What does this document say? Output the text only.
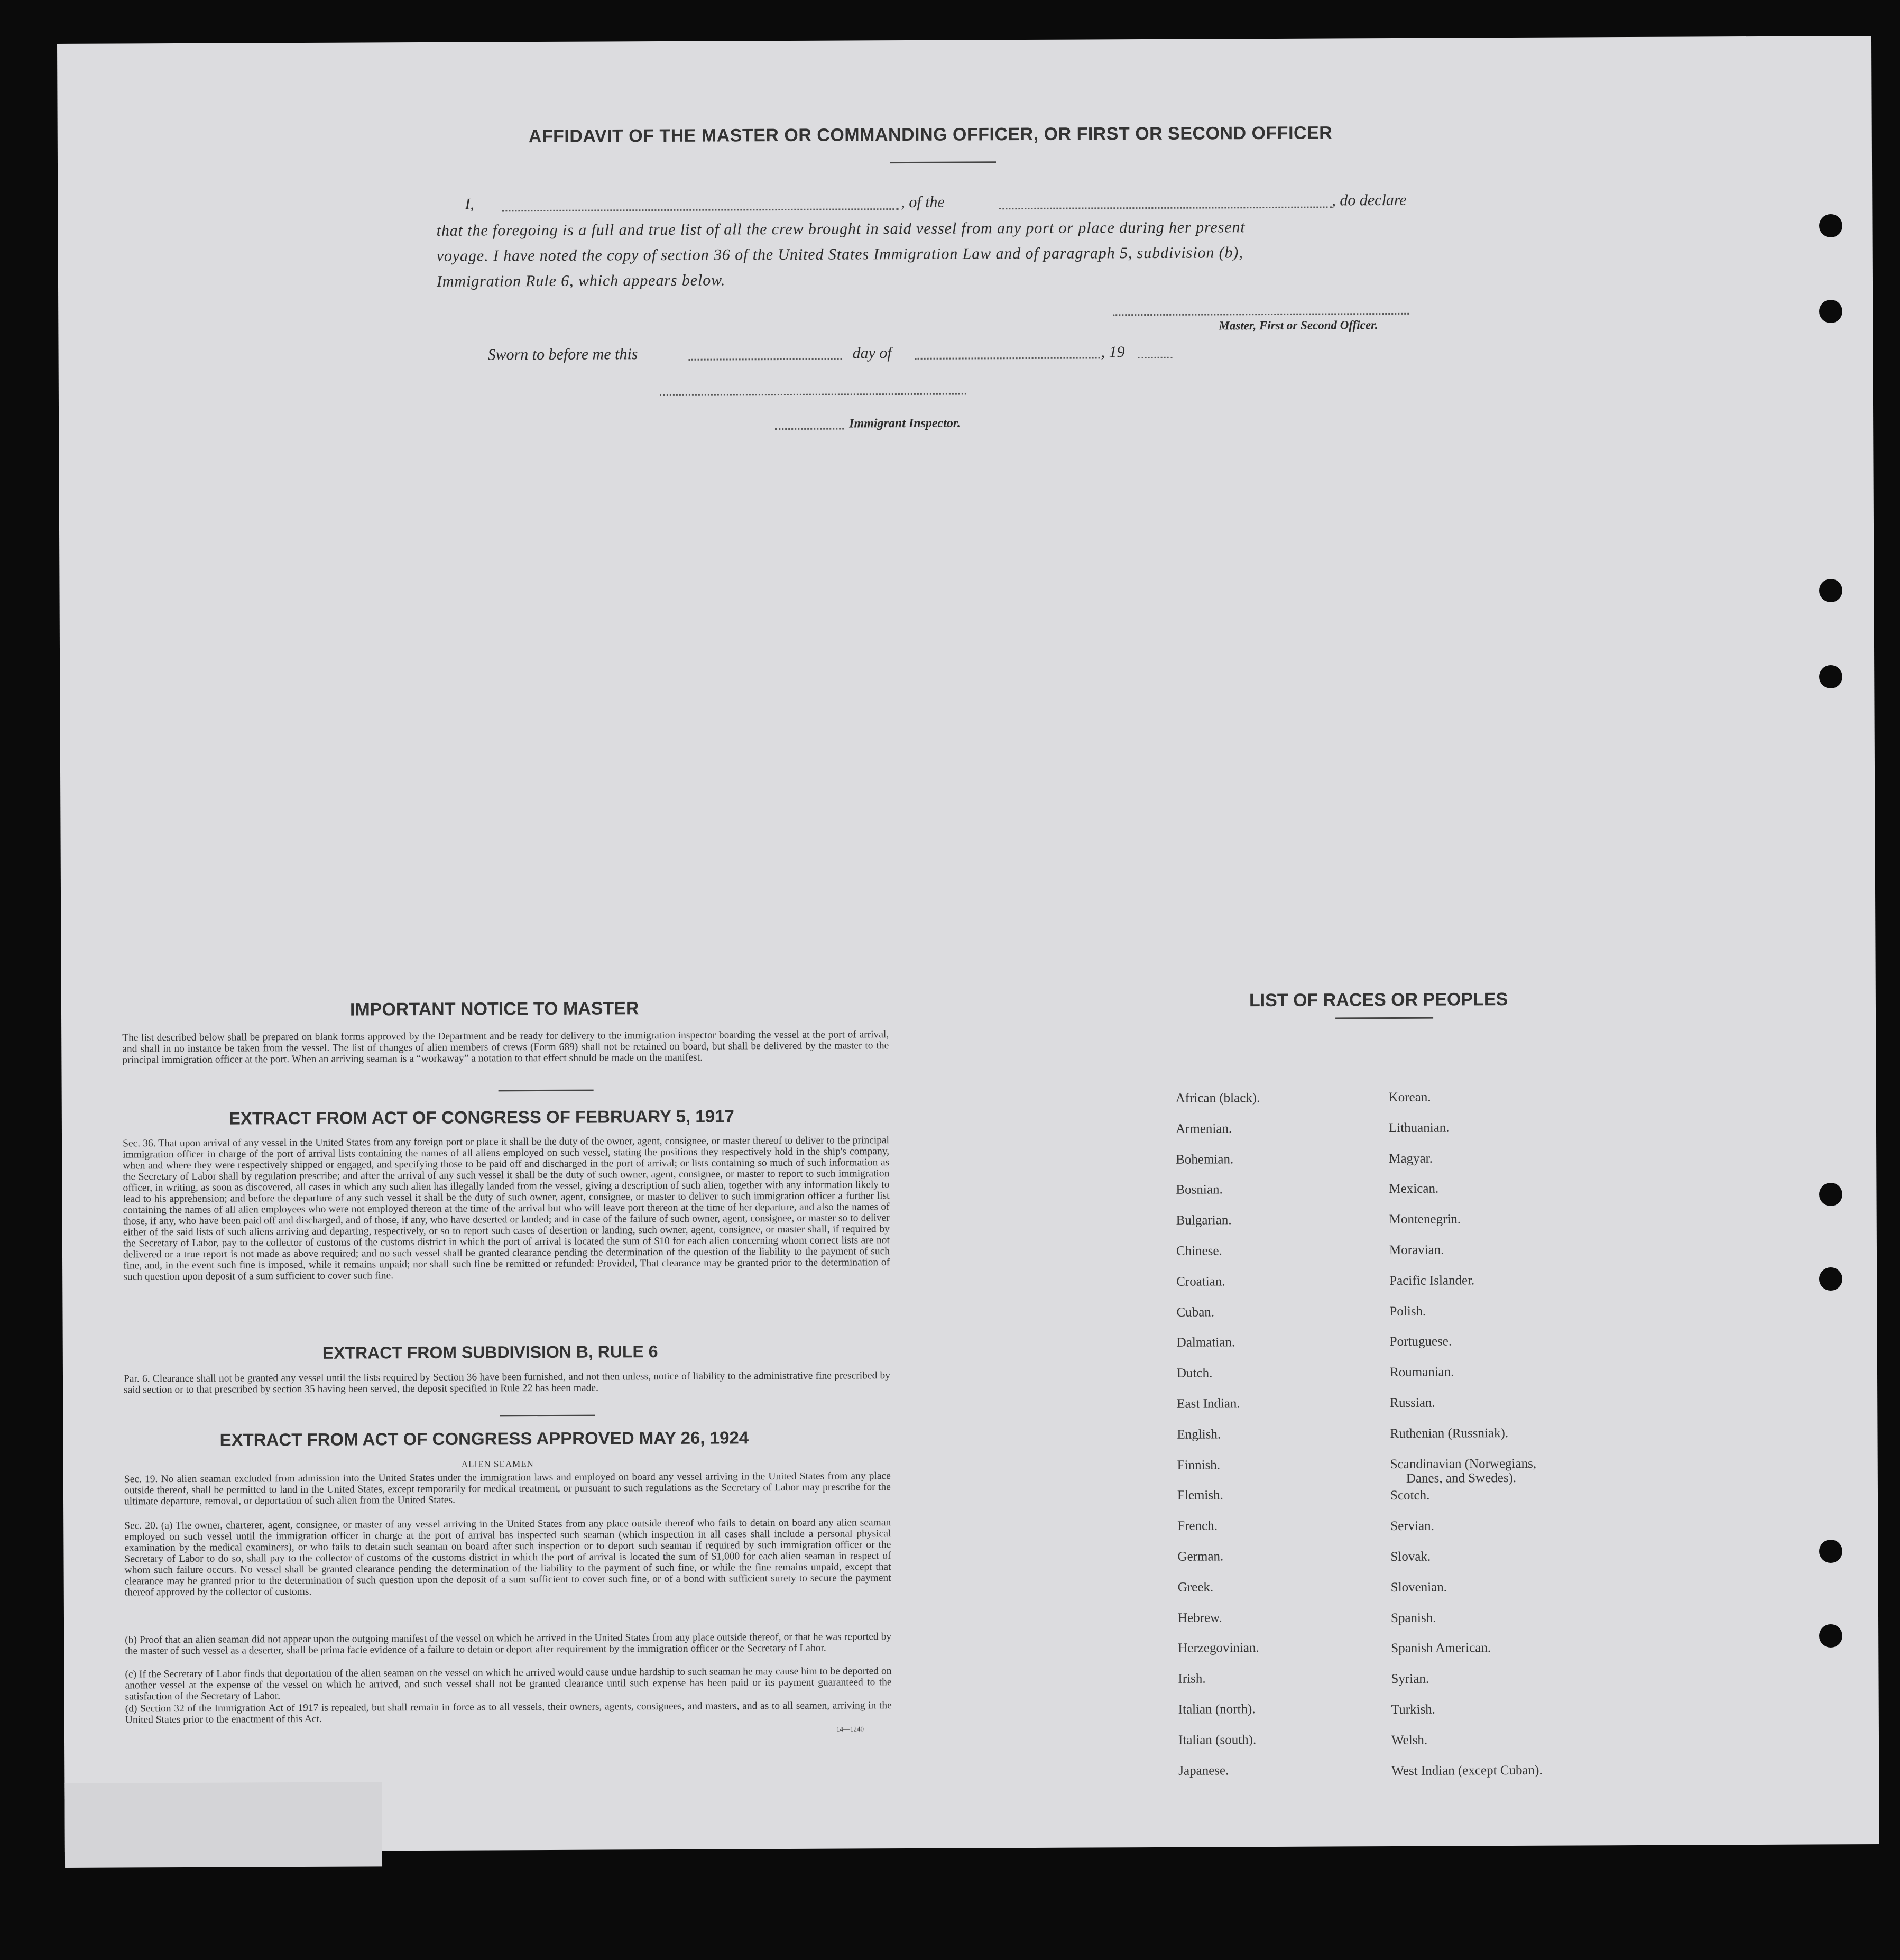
AFFIDAVIT OF THE MASTER OR COMMANDING OFFICER, OR FIRST OR SECOND OFFICER
I,	, of the	, do declare
that the foregoing is a full and true list of all the crew brought in said vessel from any port or place during her present
voyage. I have noted the copy of section 36 of the United States Immigration Law and of paragraph 5, subdivision (b),
Immigration Rule 6, which appears below.
Master, First or Second Officer.
Sworn to before me this	day of	, 19
Immigrant Inspector.
IMPORTANT NOTICE TO MASTER
The list described below shall be prepared on blank forms approved by the Department and be ready for delivery to the immigration inspector boarding the vessel at the port of arrival, and shall in no instance be taken from the vessel. The list of changes of alien members of crews (Form 689) shall not be retained on board, but shall be delivered by the master to the principal immigration officer at the port. When an arriving seaman is a “workaway” a notation to that effect should be made on the manifest.
EXTRACT FROM ACT OF CONGRESS OF FEBRUARY 5, 1917
Sec. 36. That upon arrival of any vessel in the United States from any foreign port or place it shall be the duty of the owner, agent, consignee, or master thereof to deliver to the principal immigration officer in charge of the port of arrival lists containing the names of all aliens employed on such vessel, stating the positions they respectively hold in the ship's company, when and where they were respectively shipped or engaged, and specifying those to be paid off and discharged in the port of arrival; or lists containing so much of such information as the Secretary of Labor shall by regulation prescribe; and after the arrival of any such vessel it shall be the duty of such owner, agent, consignee, or master to report to such immigration officer, in writing, as soon as discovered, all cases in which any such alien has illegally landed from the vessel, giving a description of such alien, together with any information likely to lead to his apprehension; and before the departure of any such vessel it shall be the duty of such owner, agent, consignee, or master to deliver to such immigration officer a further list containing the names of all alien employees who were not employed thereon at the time of the arrival but who will leave port thereon at the time of her departure, and also the names of those, if any, who have been paid off and discharged, and of those, if any, who have deserted or landed; and in case of the failure of such owner, agent, consignee, or master so to deliver either of the said lists of such aliens arriving and departing, respectively, or so to report such cases of desertion or landing, such owner, agent, consignee, or master shall, if required by the Secretary of Labor, pay to the collector of customs of the customs district in which the port of arrival is located the sum of $10 for each alien concerning whom correct lists are not delivered or a true report is not made as above required; and no such vessel shall be granted clearance pending the determination of the question of the liability to the payment of such fine, and, in the event such fine is imposed, while it remains unpaid; nor shall such fine be remitted or refunded: Provided, That clearance may be granted prior to the determination of such question upon deposit of a sum sufficient to cover such fine.
EXTRACT FROM SUBDIVISION B, RULE 6
Par. 6. Clearance shall not be granted any vessel until the lists required by Section 36 have been furnished, and not then unless, notice of liability to the administrative fine prescribed by said section or to that prescribed by section 35 having been served, the deposit specified in Rule 22 has been made.
EXTRACT FROM ACT OF CONGRESS APPROVED MAY 26, 1924
ALIEN SEAMEN
Sec. 19. No alien seaman excluded from admission into the United States under the immigration laws and employed on board any vessel arriving in the United States from any place outside thereof, shall be permitted to land in the United States, except temporarily for medical treatment, or pursuant to such regulations as the Secretary of Labor may prescribe for the ultimate departure, removal, or deportation of such alien from the United States.
Sec. 20. (a) The owner, charterer, agent, consignee, or master of any vessel arriving in the United States from any place outside thereof who fails to detain on board any alien seaman employed on such vessel until the immigration officer in charge at the port of arrival has inspected such seaman (which inspection in all cases shall include a personal physical examination by the medical examiners), or who fails to detain such seaman on board after such inspection or to deport such seaman if required by such immigration officer or the Secretary of Labor to do so, shall pay to the collector of customs of the customs district in which the port of arrival is located the sum of $1,000 for each alien seaman in respect of whom such failure occurs. No vessel shall be granted clearance pending the determination of the liability to the payment of such fine, or while the fine remains unpaid, except that clearance may be granted prior to the determination of such question upon the deposit of a sum sufficient to cover such fine, or of a bond with sufficient surety to secure the payment thereof approved by the collector of customs.
(b) Proof that an alien seaman did not appear upon the outgoing manifest of the vessel on which he arrived in the United States from any place outside thereof, or that he was reported by the master of such vessel as a deserter, shall be prima facie evidence of a failure to detain or deport after requirement by the immigration officer or the Secretary of Labor.
(c) If the Secretary of Labor finds that deportation of the alien seaman on the vessel on which he arrived would cause undue hardship to such seaman he may cause him to be deported on another vessel at the expense of the vessel on which he arrived, and such vessel shall not be granted clearance until such expense has been paid or its payment guaranteed to the satisfaction of the Secretary of Labor.
(d) Section 32 of the Immigration Act of 1917 is repealed, but shall remain in force as to all vessels, their owners, agents, consignees, and masters, and as to all seamen, arriving in the United States prior to the enactment of this Act.
14—1240
LIST OF RACES OR PEOPLES
African (black).
Armenian.
Bohemian.
Bosnian.
Bulgarian.
Chinese.
Croatian.
Cuban.
Dalmatian.
Dutch.
East Indian.
English.
Finnish.
Flemish.
French.
German.
Greek.
Hebrew.
Herzegovinian.
Irish.
Italian (north).
Italian (south).
Japanese.
Korean.
Lithuanian.
Magyar.
Mexican.
Montenegrin.
Moravian.
Pacific Islander.
Polish.
Portuguese.
Roumanian.
Russian.
Ruthenian (Russniak).
Scandinavian (Norwegians,
Scotch.
Servian.
Slovak.
Slovenian.
Spanish.
Spanish American.
Syrian.
Turkish.
Welsh.
West Indian (except Cuban).
Danes, and Swedes).
